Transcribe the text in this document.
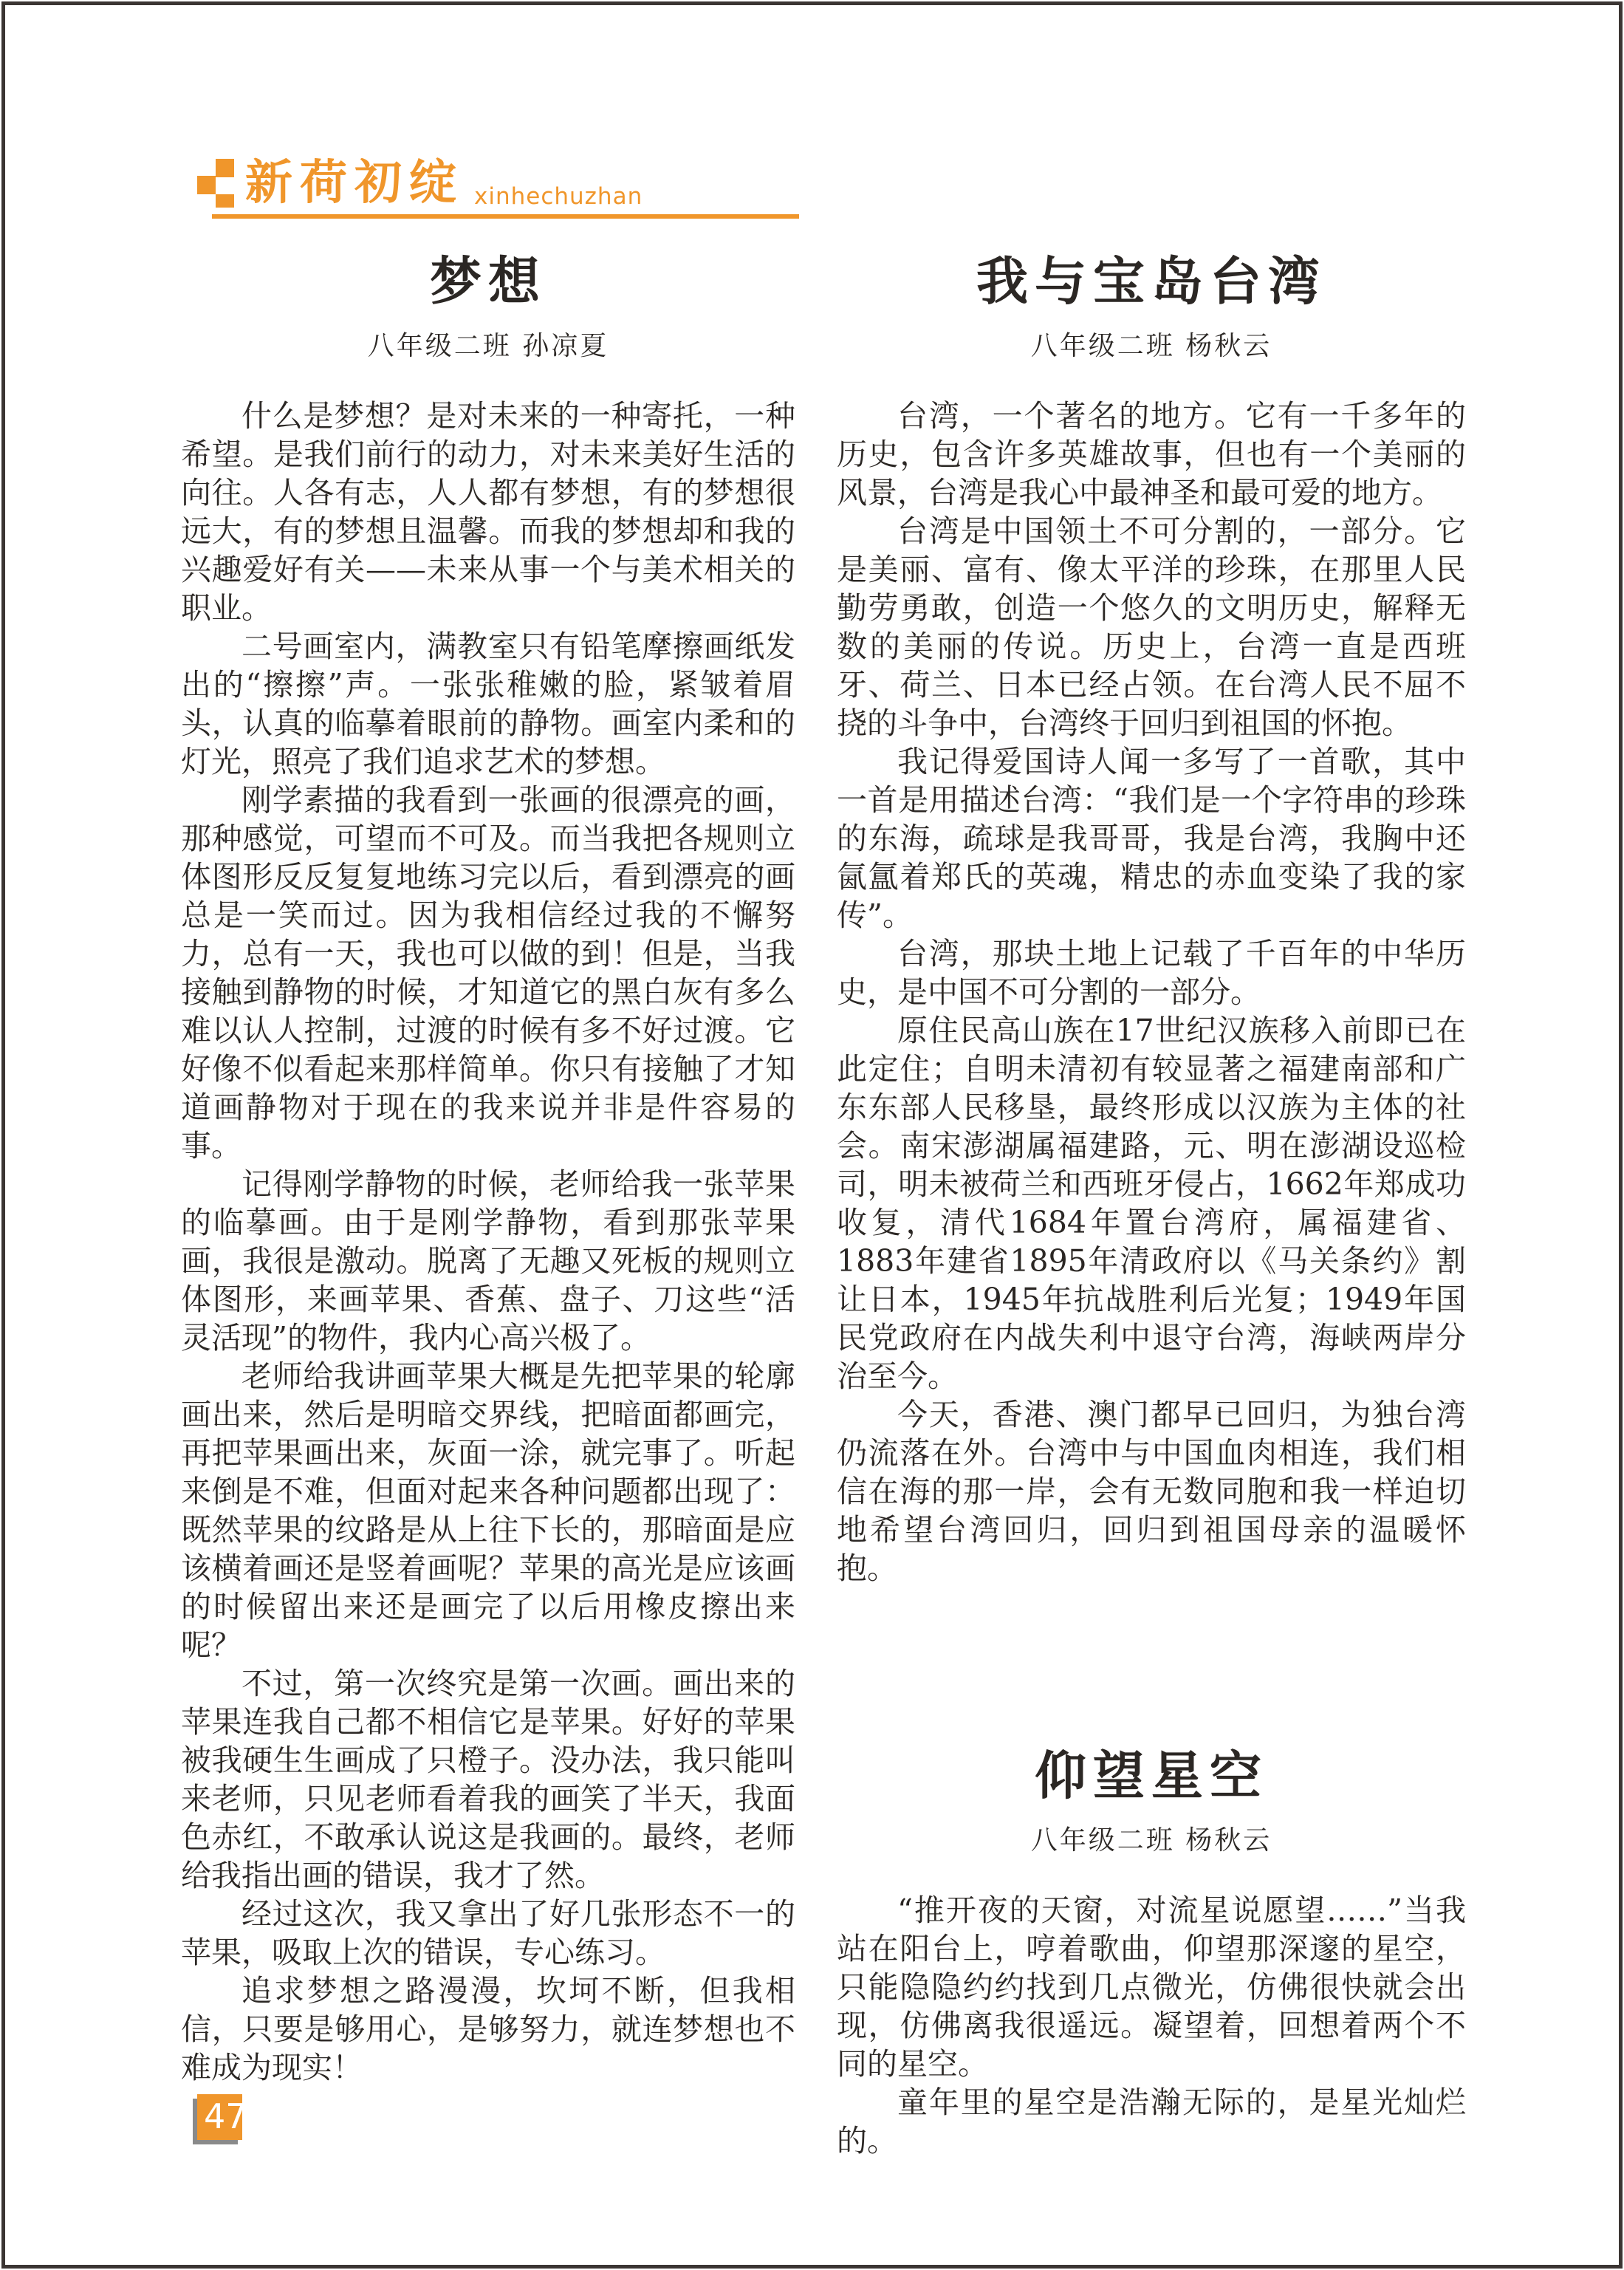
新荷初绽 xinhechuzhan
梦想
八年级二班 孙凉夏

什么是梦想？是对未来的一种寄托，一种希望。是我们前行的动力，对未来美好生活的向往。人各有志，人人都有梦想，有的梦想很远大，有的梦想且温馨。而我的梦想却和我的兴趣爱好有关——未来从事一个与美术相关的职业。

二号画室内，满教室只有铅笔摩擦画纸发出的“擦擦”声。一张张稚嫩的脸，紧皱着眉头，认真的临摹着眼前的静物。画室内柔和的灯光，照亮了我们追求艺术的梦想。

刚学素描的我看到一张画的很漂亮的画，那种感觉，可望而不可及。而当我把各规则立体图形反反复复地练习完以后，看到漂亮的画总是一笑而过。因为我相信经过我的不懈努力，总有一天，我也可以做的到！但是，当我接触到静物的时候，才知道它的黑白灰有多么难以认人控制，过渡的时候有多不好过渡。它好像不似看起来那样简单。你只有接触了才知道画静物对于现在的我来说并非是件容易的事。

记得刚学静物的时候，老师给我一张苹果的临摹画。由于是刚学静物，看到那张苹果画，我很是激动。脱离了无趣又死板的规则立体图形，来画苹果、香蕉、盘子、刀这些“活灵活现”的物件，我内心高兴极了。

老师给我讲画苹果大概是先把苹果的轮廓画出来，然后是明暗交界线，把暗面都画完，再把苹果画出来，灰面一涂，就完事了。听起来倒是不难，但面对起来各种问题都出现了：既然苹果的纹路是从上往下长的，那暗面是应该横着画还是竖着画呢？苹果的高光是应该画的时候留出来还是画完了以后用橡皮擦出来呢？

不过，第一次终究是第一次画。画出来的苹果连我自己都不相信它是苹果。好好的苹果被我硬生生画成了只橙子。没办法，我只能叫来老师，只见老师看着我的画笑了半天，我面色赤红，不敢承认说这是我画的。最终，老师给我指出画的错误，我才了然。

经过这次，我又拿出了好几张形态不一的苹果，吸取上次的错误，专心练习。

追求梦想之路漫漫，坎坷不断，但我相信，只要是够用心，是够努力，就连梦想也不难成为现实！

我与宝岛台湾
八年级二班 杨秋云

台湾，一个著名的地方。它有一千多年的历史，包含许多英雄故事，但也有一个美丽的风景，台湾是我心中最神圣和最可爱的地方。

台湾是中国领土不可分割的，一部分。它是美丽、富有、像太平洋的珍珠，在那里人民勤劳勇敢，创造一个悠久的文明历史，解释无数的美丽的传说。历史上，台湾一直是西班牙、荷兰、日本已经占领。在台湾人民不屈不挠的斗争中，台湾终于回归到祖国的怀抱。

我记得爱国诗人闻一多写了一首歌，其中一首是用描述台湾：“我们是一个字符串的珍珠的东海，疏球是我哥哥，我是台湾，我胸中还氤氲着郑氏的英魂，精忠的赤血变染了我的家传”。

台湾，那块土地上记载了千百年的中华历史，是中国不可分割的一部分。

原住民高山族在17世纪汉族移入前即已在此定住；自明未清初有较显著之福建南部和广东东部人民移垦，最终形成以汉族为主体的社会。南宋澎湖属福建路，元、明在澎湖设巡检司，明未被荷兰和西班牙侵占，1662年郑成功收复，清代1684年置台湾府，属福建省、1883年建省1895年清政府以《马关条约》割让日本，1945年抗战胜利后光复；1949年国民党政府在内战失利中退守台湾，海峡两岸分治至今。

今天，香港、澳门都早已回归，为独台湾仍流落在外。台湾中与中国血肉相连，我们相信在海的那一岸，会有无数同胞和我一样迫切地希望台湾回归，回归到祖国母亲的温暖怀抱。

仰望星空
八年级二班 杨秋云

“推开夜的天窗，对流星说愿望……”当我站在阳台上，哼着歌曲，仰望那深邃的星空，只能隐隐约约找到几点微光，仿佛很快就会出现，仿佛离我很遥远。凝望着，回想着两个不同的星空。

童年里的星空是浩瀚无际的，是星光灿烂的。

47
